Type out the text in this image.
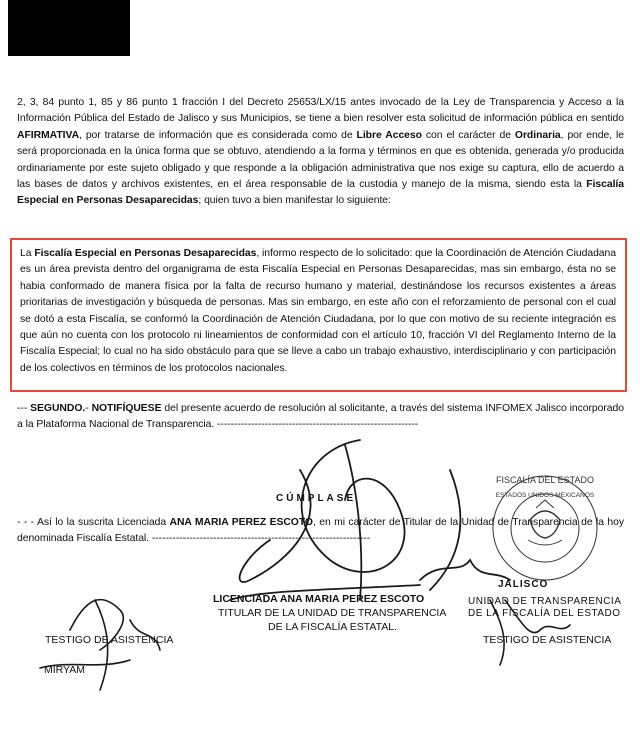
2, 3, 84 punto 1, 85 y 86 punto 1 fracción I del Decreto 25653/LX/15 antes invocado de la Ley de Transparencia y Acceso a la Información Pública del Estado de Jalisco y sus Municipios, se tiene a bien resolver esta solicitud de información pública en sentido AFIRMATIVA, por tratarse de información que es considerada como de Libre Acceso con el carácter de Ordinaria, por ende, le será proporcionada en la única forma que se obtuvo, atendiendo a la forma y términos en que es obtenida, generada y/o producida ordinariamente por este sujeto obligado y que responde a la obligación administrativa que nos exige su captura, ello de acuerdo a las bases de datos y archivos existentes, en el área responsable de la custodia y manejo de la misma, siendo esta la Fiscalía Especial en Personas Desaparecidas; quien tuvo a bien manifestar lo siguiente:
La Fiscalía Especial en Personas Desaparecidas, informo respecto de lo solicitado: que la Coordinación de Atención Ciudadana es un área prevista dentro del organigrama de esta Fiscalía Especial en Personas Desaparecidas, mas sin embargo, ésta no se habia conformado de manera física por la falta de recurso humano y material, destinándose los recursos existentes a áreas prioritarias de investigación y búsqueda de personas. Mas sin embargo, en este año con el reforzamiento de personal con el cual se dotó a esta Fiscalía, se conformó la Coordinación de Atención Ciudadana, por lo que con motivo de su reciente integración es que aún no cuenta con los protocolo ni lineamientos de conformidad con el artículo 10, fracción VI del Reglamento Interno de la Fiscalía Especial; lo cual no ha sido obstáculo para que se lleve a cabo un trabajo exhaustivo, interdisciplinario y con participación de los colectivos en términos de los protocolos nacionales.
--- SEGUNDO.- NOTIFÍQUESE del presente acuerdo de resolución al solicitante, a través del sistema INFOMEX Jalisco incorporado a la Plataforma Nacional de Transparencia. -----------------------------------------------------------
CÚMPLASE
- - - Así lo la suscrita Licenciada ANA MARIA PEREZ ESCOTO, en mi carácter de Titular de la Unidad de Transparencia de la hoy denominada Fiscalía Estatal. ----------------------------------------------------------------
LICENCIADA ANA MARIA PEREZ ESCOTO
TITULAR DE LA UNIDAD DE TRANSPARENCIA
DE LA FISCALÍA ESTATAL.
TESTIGO DE ASISTENCIA	TESTIGO DE ASISTENCIA
MIRYAM
JALISCO
UNIDAD DE TRANSPARENCIA
DE LA FISCALÍA DEL ESTADO
FISCALÍA DEL ESTADO
ESTADOS UNIDOS MEXICANOS
